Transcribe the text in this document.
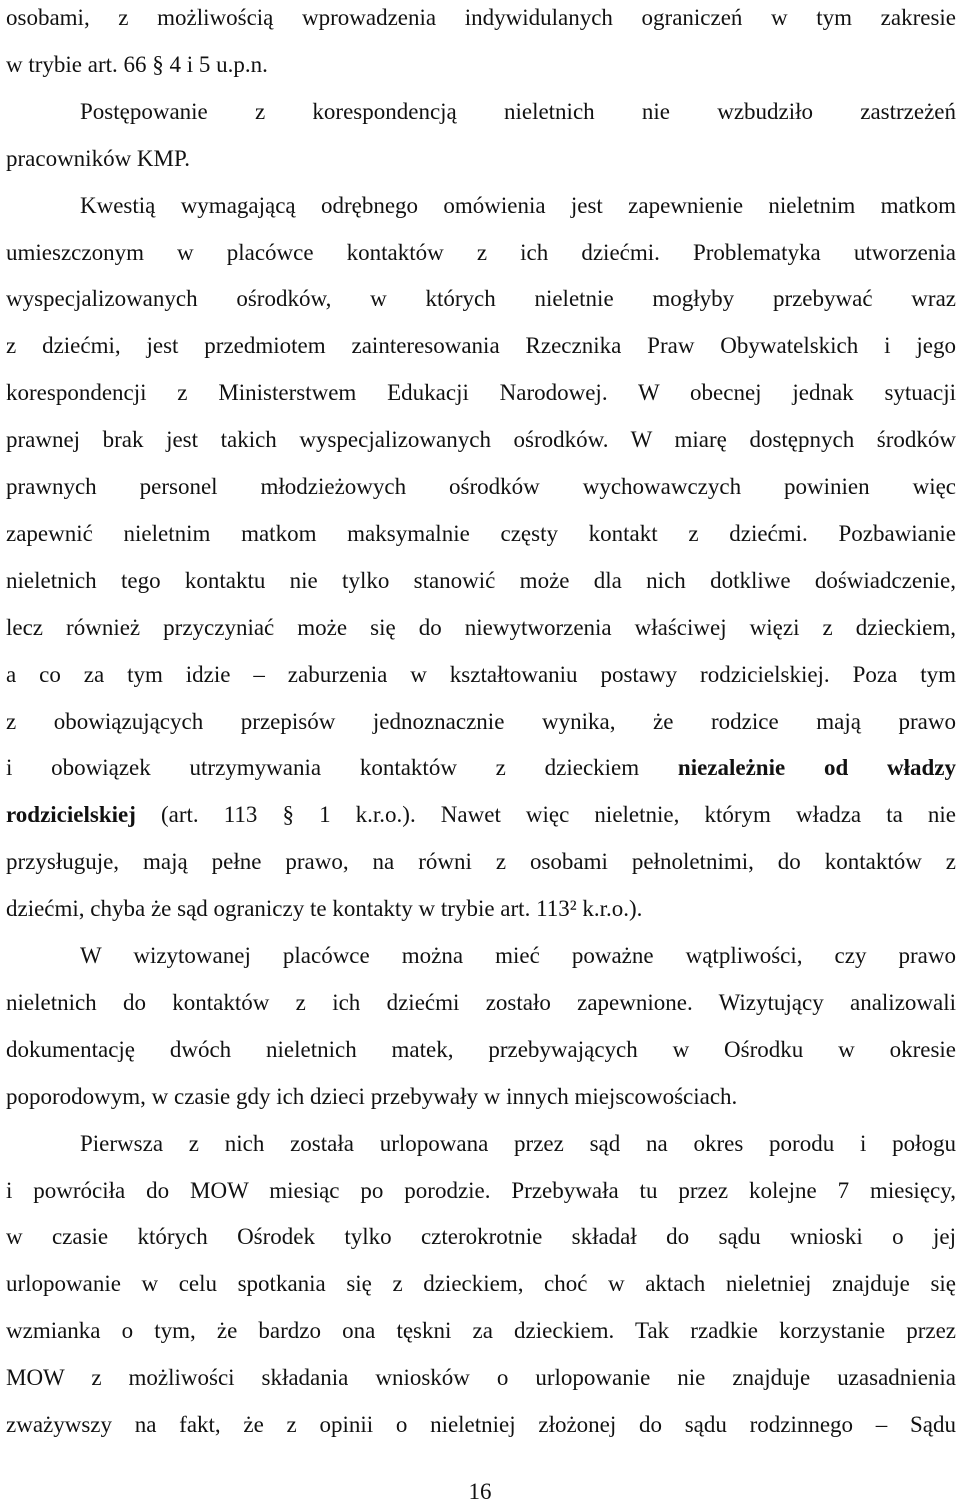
osobami, z możliwością wprowadzenia indywidulanych ograniczeń w tym zakresie
w trybie art. 66 § 4 i 5 u.p.n.
Postępowanie z korespondencją nieletnich nie wzbudziło zastrzeżeń
pracowników KMP.
Kwestią wymagającą odrębnego omówienia jest zapewnienie nieletnim matkom
umieszczonym w placówce kontaktów z ich dziećmi. Problematyka utworzenia
wyspecjalizowanych ośrodków, w których nieletnie mogłyby przebywać wraz
z dziećmi, jest przedmiotem zainteresowania Rzecznika Praw Obywatelskich i jego
korespondencji z Ministerstwem Edukacji Narodowej. W obecnej jednak sytuacji
prawnej brak jest takich wyspecjalizowanych ośrodków. W miarę dostępnych środków
prawnych personel młodzieżowych ośrodków wychowawczych powinien więc
zapewnić nieletnim matkom maksymalnie częsty kontakt z dziećmi. Pozbawianie
nieletnich tego kontaktu nie tylko stanowić może dla nich dotkliwe doświadczenie,
lecz również przyczyniać może się do niewytworzenia właściwej więzi z dzieckiem,
a co za tym idzie – zaburzenia w kształtowaniu postawy rodzicielskiej. Poza tym
z obowiązujących przepisów jednoznacznie wynika, że rodzice mają prawo
i obowiązek utrzymywania kontaktów z dzieckiem niezależnie od władzy
rodzicielskiej (art. 113 § 1 k.r.o.). Nawet więc nieletnie, którym władza ta nie
przysługuje, mają pełne prawo, na równi z osobami pełnoletnimi, do kontaktów z
dziećmi, chyba że sąd ograniczy te kontakty w trybie art. 113² k.r.o.).
W wizytowanej placówce można mieć poważne wątpliwości, czy prawo
nieletnich do kontaktów z ich dziećmi zostało zapewnione. Wizytujący analizowali
dokumentację dwóch nieletnich matek, przebywających w Ośrodku w okresie
poporodowym, w czasie gdy ich dzieci przebywały w innych miejscowościach.
Pierwsza z nich została urlopowana przez sąd na okres porodu i połogu
i powróciła do MOW miesiąc po porodzie. Przebywała tu przez kolejne 7 miesięcy,
w czasie których Ośrodek tylko czterokrotnie składał do sądu wnioski o jej
urlopowanie w celu spotkania się z dzieckiem, choć w aktach nieletniej znajduje się
wzmianka o tym, że bardzo ona tęskni za dzieckiem. Tak rzadkie korzystanie przez
MOW z możliwości składania wniosków o urlopowanie nie znajduje uzasadnienia
zważywszy na fakt, że z opinii o nieletniej złożonej do sądu rodzinnego – Sądu
16
